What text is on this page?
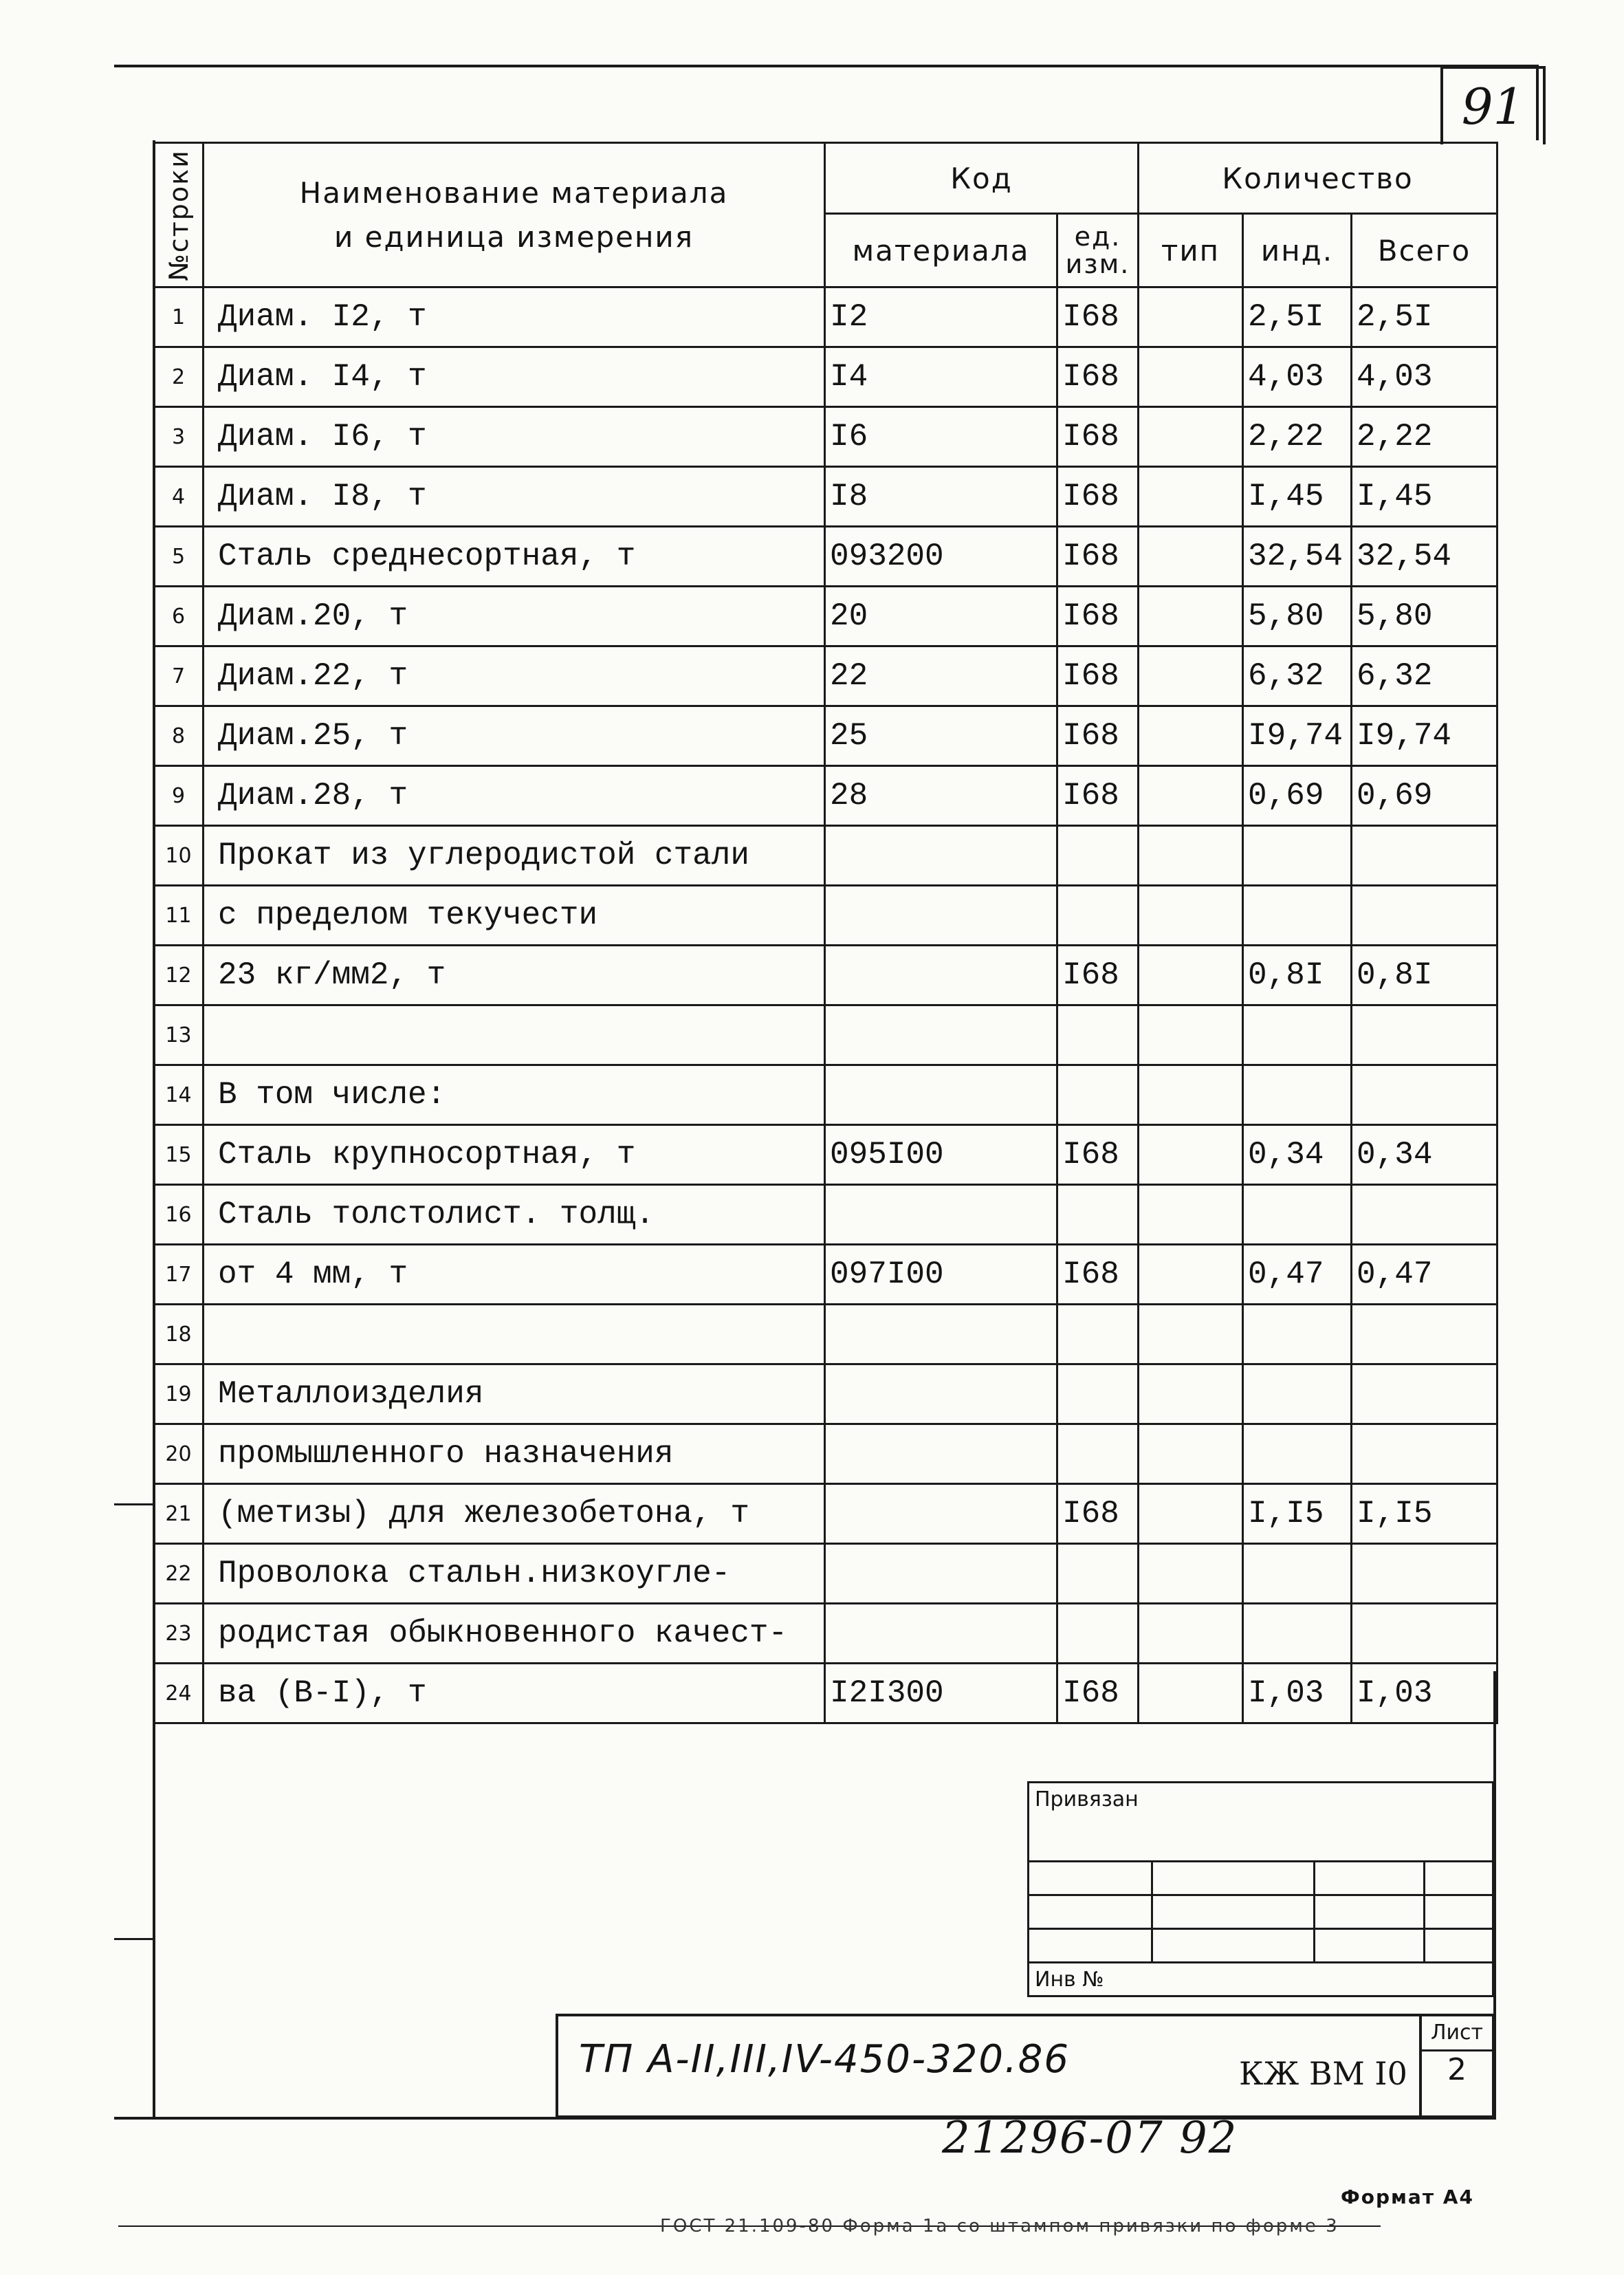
91
№строки	Наименование материала
и единица измерения	Код		Количество		
		материала	ед. изм.	тип	инд.	Всего
1	Диам. I2, т	I2	I68		2,5I	2,5I
2	Диам. I4, т	I4	I68		4,03	4,03
3	Диам. I6, т	I6	I68		2,22	2,22
4	Диам. I8, т	I8	I68		I,45	I,45
5	Сталь среднесортная, т	093200	I68		32,54	32,54
6	Диам.20, т	20	I68		5,80	5,80
7	Диам.22, т	22	I68		6,32	6,32
8	Диам.25, т	25	I68		I9,74	I9,74
9	Диам.28, т	28	I68		0,69	0,69
10	Прокат из углеродистой стали					
11	с пределом текучести					
12	23 кг/мм2, т		I68		0,8I	0,8I
13						
14	В том числе:					
15	Сталь крупносортная, т	095I00	I68		0,34	0,34
16	Сталь толстолист. толщ.					
17	от 4 мм, т	097I00	I68		0,47	0,47
18						
19	Металлоизделия					
20	промышленного назначения					
21	(метизы) для железобетона, т		I68		I,I5	I,I5
22	Проволока стальн.низкоугле-					
23	родистая обыкновенного качест-					
24	ва (В-I), т	I2I300	I68		I,03	I,03
Привязан			

Инв №			
ТП А-II,III,IV-450-320.86	КЖ ВМ I0
Лист
2
21296-07 92
Формат А4
ГОСТ 21.109-80 Форма 1а со штампом привязки по форме 3
